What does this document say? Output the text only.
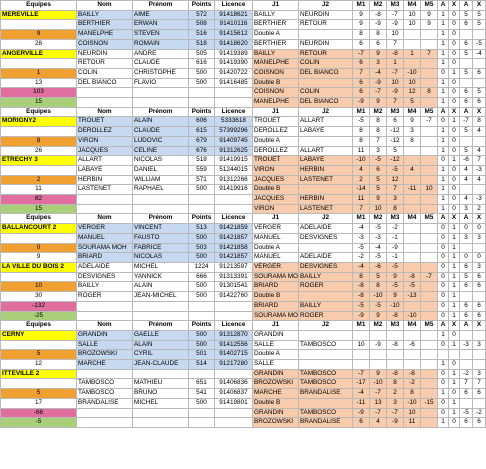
Equipes	Nom	Prénom	Points	Licence	J1	J2	M1	M2	M3	M4	M5	A	X	A	X
MEREVILLE	BAILLY	AIME	572	91418621	BAILLY	NEURDIN	9	-8	-7	10	9	1	0	5	5
	BERTHIER	ERWAN	508	91410116	BERTHIER	RETOUR	9	-9	-9	10	9	1	0	6	5
9	MANELPHE	STEVEN	516	91415612	Double A		8	8	10			1	0		
28	COISNON	ROMAIN	518	91418620	BERTHIER	NEURDIN	6	6	7			1	0	6	-5
ANGERVILLE	NEURDIN	ANDRE	505	91419389	BAILLY	RETOUR	-7	9	-8	1	7	1	0	5	-4
	RETOUR	CLAUDE	616	91419390	MANELPHE	COLIN	6	3	1			1	0		
1	COLIN	CHRISTOPHE	500	91420722	COISNON	DEL BIANCO	7	-4	-7	-10		0	1	5	6
13	DEL BIANCO	FLAVIO	500	91416485	Double B		6	-9	10	10		1	0		
103					COISNON	COLIN	6	-7	-9	12	8	1	0	6	5
15					MANELPHE	DEL BIANCO	-9	9	7	5		1	0	6	6
Equipes	Nom	Prénom	Points	Licence	J1	J2	M1	M2	M3	M4	M5	A	X	A	X
MORIGNY2	TROUET	ALAIN	606	5333618	TROUET	ALLART	-5	8	6	9	-7	0	1	-7	8
	DEROLLEZ	CLAUDE	615	57399296	DEROLLEZ	LABAYE	8	8	-12	3		1	0	5	4
8	VIRON	LUDOVIC	679	91409745	Double A		8	7	-12	8		1	0		
26	JACQUES	CELINE	676	91312625	DEROLLEZ	ALLART	11	3	5			1	0	5	4
ETRECHY 3	ALLART	NICOLAS	518	91419915	TROUET	LABAYE	-10	-5	-12			0	1	-6	7
	LABAYE	DANIEL	559	51244015	VIRON	HERBIN	4	6	-5	4		1	0	4	-3
2	HERBIN	WILLIAM	571	91312266	JACQUES	LASTENET	2	5	12			1	0	4	4
11	LASTENET	RAPHAEL	500	91419916	Double B		-14	5	7	-11	10	1	0		
82					JACQUES	HERBIN	11	9	3			1	0	4	-3
15					VIRON	LASTENET	7	10	8			1	0	3	2
Equipes	Nom	Prénom	Points	Licence	J1	J2	M1	M2	M3	M4	M5	A	X	A	X
BALLANCOURT 2	VERGER	VINCENT	513	91421859	VERGER	ADELAIDE	-4	-5	-2			0	1	0	0
	MANUEL	FAUSTO	500	91421857	MANUEL	DESVIGNES	-3	-3	-1			0	1	3	3
0	SOURAMA MOH	FABRICE	503	91421858	Double A		-5	-4	-9			0	1		
9	BRIARD	NICOLAS	500	91421857	MANUEL	ADELAIDE	-2	-5	-1			0	1	0	0
LA VILLE DU BOIS 2	ADELAIDE	MICHEL	1224	91213597	VERGER	DESVIGNES	-4	-6	-5			0	1	6	3
	DESVIGNES	YANNICK	666	91313391	SOURAMA MO	BAILLY	8	5	9	-8	-7	0	1	5	6
10	BAILLY	ALAIN	500	91301541	BRIARD	ROGER	-8	8	-5	-5		0	1	6	6
30	ROGER	JEAN-MICHEL	500	91422760	Double B		-8	-10	9	-13		0	1		
-132					BRIARD	BAILLY	-5	-5	-10			0	1	6	6
-25					SOURAMA MO	ROGER	-9	9	-8	-10		0	1	6	6
Equipes	Nom	Prénom	Points	Licence	J1	J2	M1	M2	M3	M4	M5	A	X	A	X
CERNY	GRANDIN	GAELLE	500	91312870	GRANDIN							1	0		
	SALLE	ALAIN	500	91412556	SALLE	TAMBOSCO	10	-9	-8	-6		0	1	-3	3
5	BROZOWSKI	CYRIL	501	91402715	Double A										
12	MARCHE	JEAN-CLAUDE	514	91217280	SALLE							1	0		
ITTEVILLE 2					GRANDIN	TAMBOSCO	-7	9	-8	-8		0	1	-2	3
	TAMBOSCO	MATHIEU	651	91406836	BROZOWSKI	TAMBOSCO	-17	-10	8	-2		0	1	7	7
5	TAMBOSCO	BRUNO	541	91406837	MARCHE	BRANDALISE	-4	-7	2	8		1	0	6	6
17	BRANDALISE	MICHEL	500	91419801	Double B		-11	13	3	-10	-15	0	1		
-66					GRANDIN	TAMBOSCO	-9	-7	-7	10		0	1	-5	-2
-5					BROZOWSKI	BRANDALISE	6	4	-9	11		1	0	6	6
